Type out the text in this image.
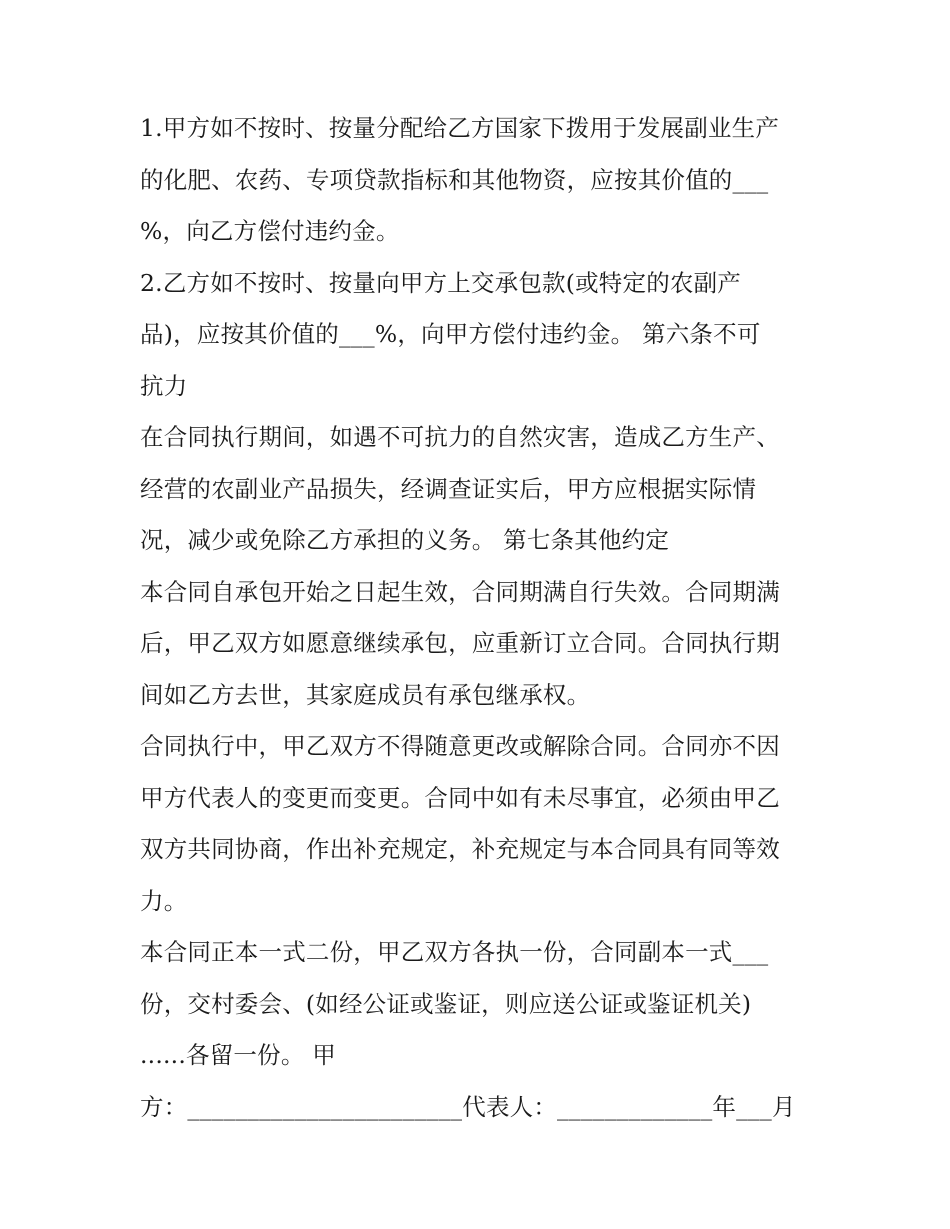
1.甲方如不按时、按量分配给乙方国家下拨用于发展副业生产
的化肥、农药、专项贷款指标和其他物资，应按其价值的___
%，向乙方偿付违约金。
2.乙方如不按时、按量向甲方上交承包款(或特定的农副产
品)，应按其价值的___%，向甲方偿付违约金。 第六条不可
抗力
在合同执行期间，如遇不可抗力的自然灾害，造成乙方生产、
经营的农副业产品损失，经调查证实后，甲方应根据实际情
况，减少或免除乙方承担的义务。 第七条其他约定
本合同自承包开始之日起生效，合同期满自行失效。合同期满
后，甲乙双方如愿意继续承包，应重新订立合同。合同执行期
间如乙方去世，其家庭成员有承包继承权。
合同执行中，甲乙双方不得随意更改或解除合同。合同亦不因
甲方代表人的变更而变更。合同中如有未尽事宜，必须由甲乙
双方共同协商，作出补充规定，补充规定与本合同具有同等效
力。
本合同正本一式二份，甲乙双方各执一份，合同副本一式___
份，交村委会、(如经公证或鉴证，则应送公证或鉴证机关)
......各留一份。 甲
方：_______________________代表人：_____________年___月
